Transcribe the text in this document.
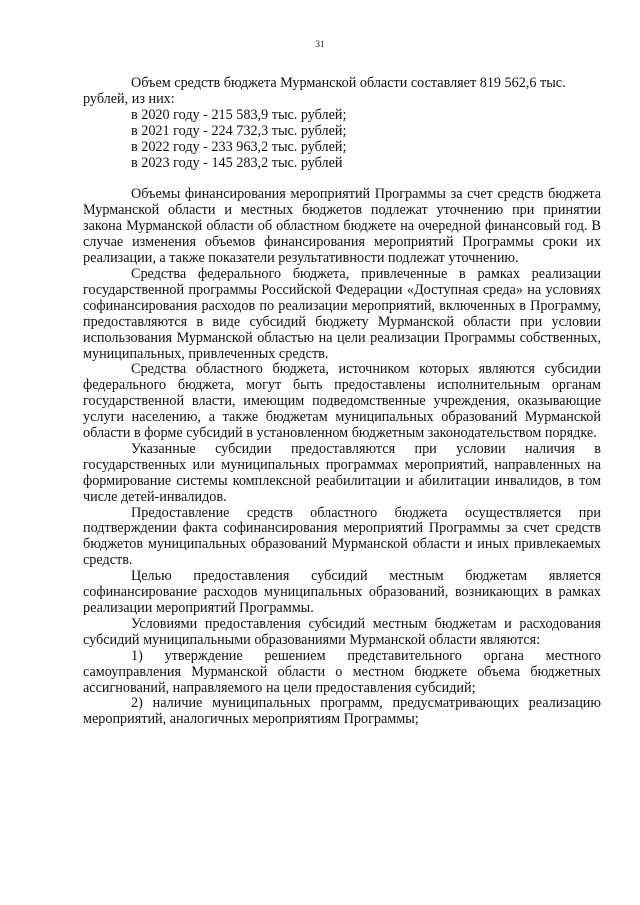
31

Объем средств бюджета Мурманской области составляет 819 562,6 тыс.

рублей, из них:

в 2020 году - 215 583,9 тыс. рублей;
в 2021 году - 224 732,3 тыс. рублей;
в 2022 году - 233 963,2 тыс. рублей;
в 2023 году - 145 283,2 тыс. рублей

Объемы финансирования мероприятий Программы за счет средств бюджета Мурманской области и местных бюджетов подлежат уточнению при принятии закона Мурманской области об областном бюджете на очередной финансовый год. В случае изменения объемов финансирования мероприятий Программы сроки их реализации, а также показатели результативности подлежат уточнению.

Средства федерального бюджета, привлеченные в рамках реализации государственной программы Российской Федерации «Доступная среда» на условиях софинансирования расходов по реализации мероприятий, включенных в Программу, предоставляются в виде субсидий бюджету Мурманской области при условии использования Мурманской областью на цели реализации Программы собственных, муниципальных, привлеченных средств.

Средства областного бюджета, источником которых являются субсидии федерального бюджета, могут быть предоставлены исполнительным органам государственной власти, имеющим подведомственные учреждения, оказывающие услуги населению, а также бюджетам муниципальных образований Мурманской области в форме субсидий в установленном бюджетным законодательством порядке.

Указанные субсидии предоставляются при условии наличия в государственных или муниципальных программах мероприятий, направленных на формирование системы комплексной реабилитации и абилитации инвалидов, в том числе детей-инвалидов.

Предоставление средств областного бюджета осуществляется при подтверждении факта софинансирования мероприятий Программы за счет средств бюджетов муниципальных образований Мурманской области и иных привлекаемых средств.

Целью предоставления субсидий местным бюджетам является софинансирование расходов муниципальных образований, возникающих в рамках реализации мероприятий Программы.

Условиями предоставления субсидий местным бюджетам и расходования субсидий муниципальными образованиями Мурманской области являются:

1) утверждение решением представительного органа местного самоуправления Мурманской области о местном бюджете объема бюджетных ассигнований, направляемого на цели предоставления субсидий;

2) наличие муниципальных программ, предусматривающих реализацию мероприятий, аналогичных мероприятиям Программы;
